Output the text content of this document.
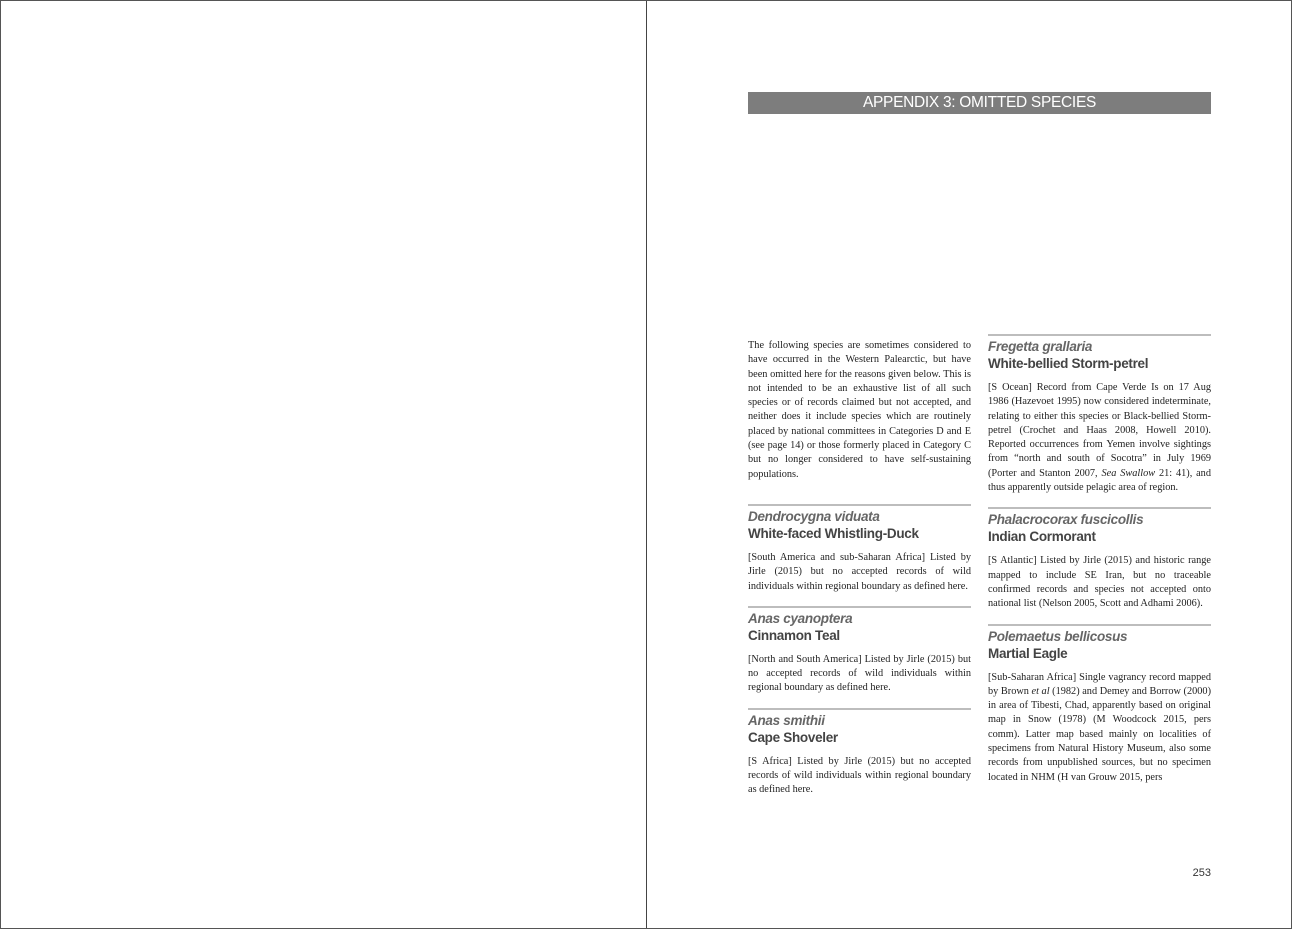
APPENDIX 3: OMITTED SPECIES

The following species are sometimes considered to have occurred in the Western Palearctic, but have been omitted here for the reasons given below. This is not intended to be an exhaustive list of all such species or of records claimed but not accepted, and neither does it include species which are routinely placed by national committees in Categories D and E (see page 14) or those formerly placed in Category C but no longer considered to have self-sustaining populations.

Dendrocygna viduata
White-faced Whistling-Duck

[South America and sub-Saharan Africa] Listed by Jirle (2015) but no accepted records of wild individuals within regional boundary as defined here.

Anas cyanoptera
Cinnamon Teal

[North and South America] Listed by Jirle (2015) but no accepted records of wild individuals within regional boundary as defined here.

Anas smithii
Cape Shoveler

[S Africa] Listed by Jirle (2015) but no accepted records of wild individuals within regional boundary as defined here.

Fregetta grallaria
White-bellied Storm-petrel

[S Ocean] Record from Cape Verde Is on 17 Aug 1986 (Hazevoet 1995) now considered indeterminate, relating to either this species or Black-bellied Storm-petrel (Crochet and Haas 2008, Howell 2010). Reported occurrences from Yemen involve sightings from “north and south of Socotra” in July 1969 (Porter and Stanton 2007, Sea Swallow 21: 41), and thus apparently outside pelagic area of region.

Phalacrocorax fuscicollis
Indian Cormorant

[S Atlantic] Listed by Jirle (2015) and historic range mapped to include SE Iran, but no traceable confirmed records and species not accepted onto national list (Nelson 2005, Scott and Adhami 2006).

Polemaetus bellicosus
Martial Eagle

[Sub-Saharan Africa] Single vagrancy record mapped by Brown et al (1982) and Demey and Borrow (2000) in area of Tibesti, Chad, apparently based on original map in Snow (1978) (M Woodcock 2015, pers comm). Latter map based mainly on localities of specimens from Natural History Museum, also some records from unpublished sources, but no specimen located in NHM (H van Grouw 2015, pers

253
